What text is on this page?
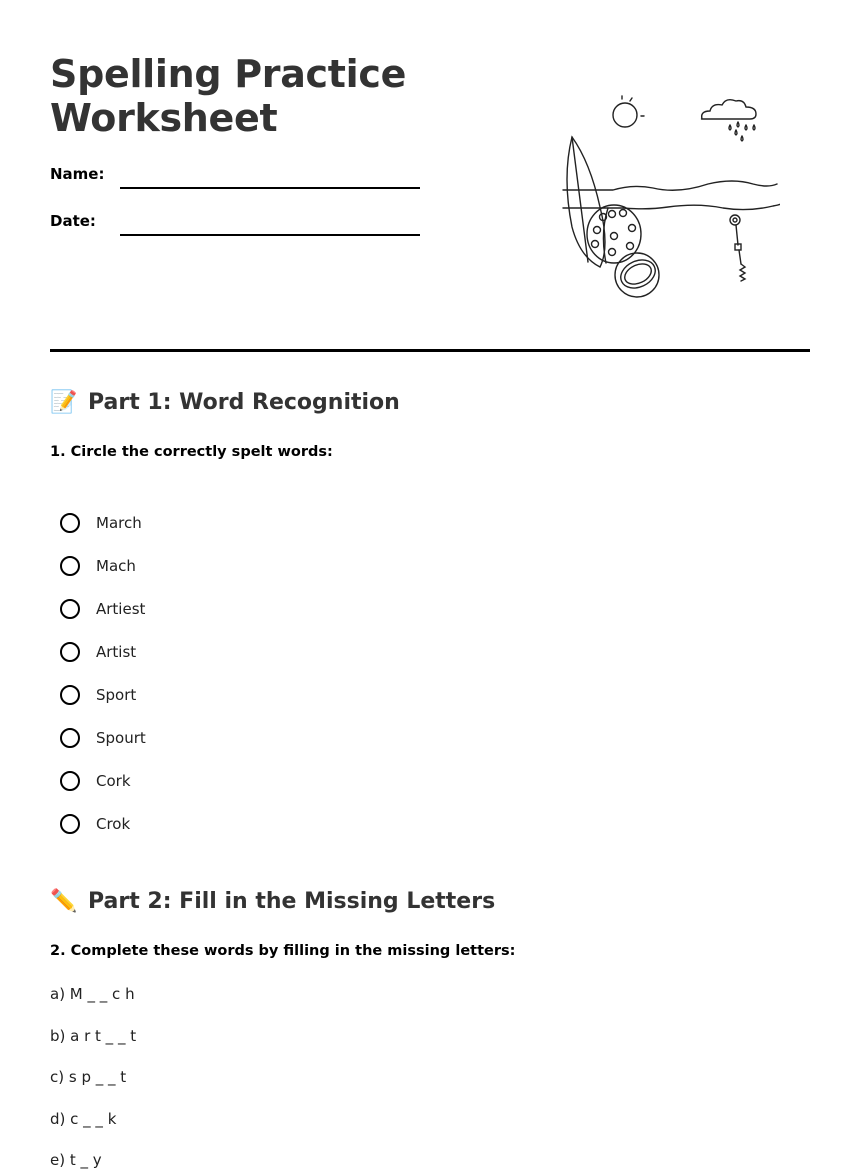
Spelling Practice
Worksheet
Name:
Date:
📝 Part 1: Word Recognition

1. Circle the correctly spelt words:

March
Mach
Artiest
Artist
Sport
Spourt
Cork
Crok
✏️ Part 2: Fill in the Missing Letters

2. Complete these words by filling in the missing letters:

a) M _ _ c h
b) a r t _ _ t
c) s p _ _ t
d) c _ _ k
e) t _ y
